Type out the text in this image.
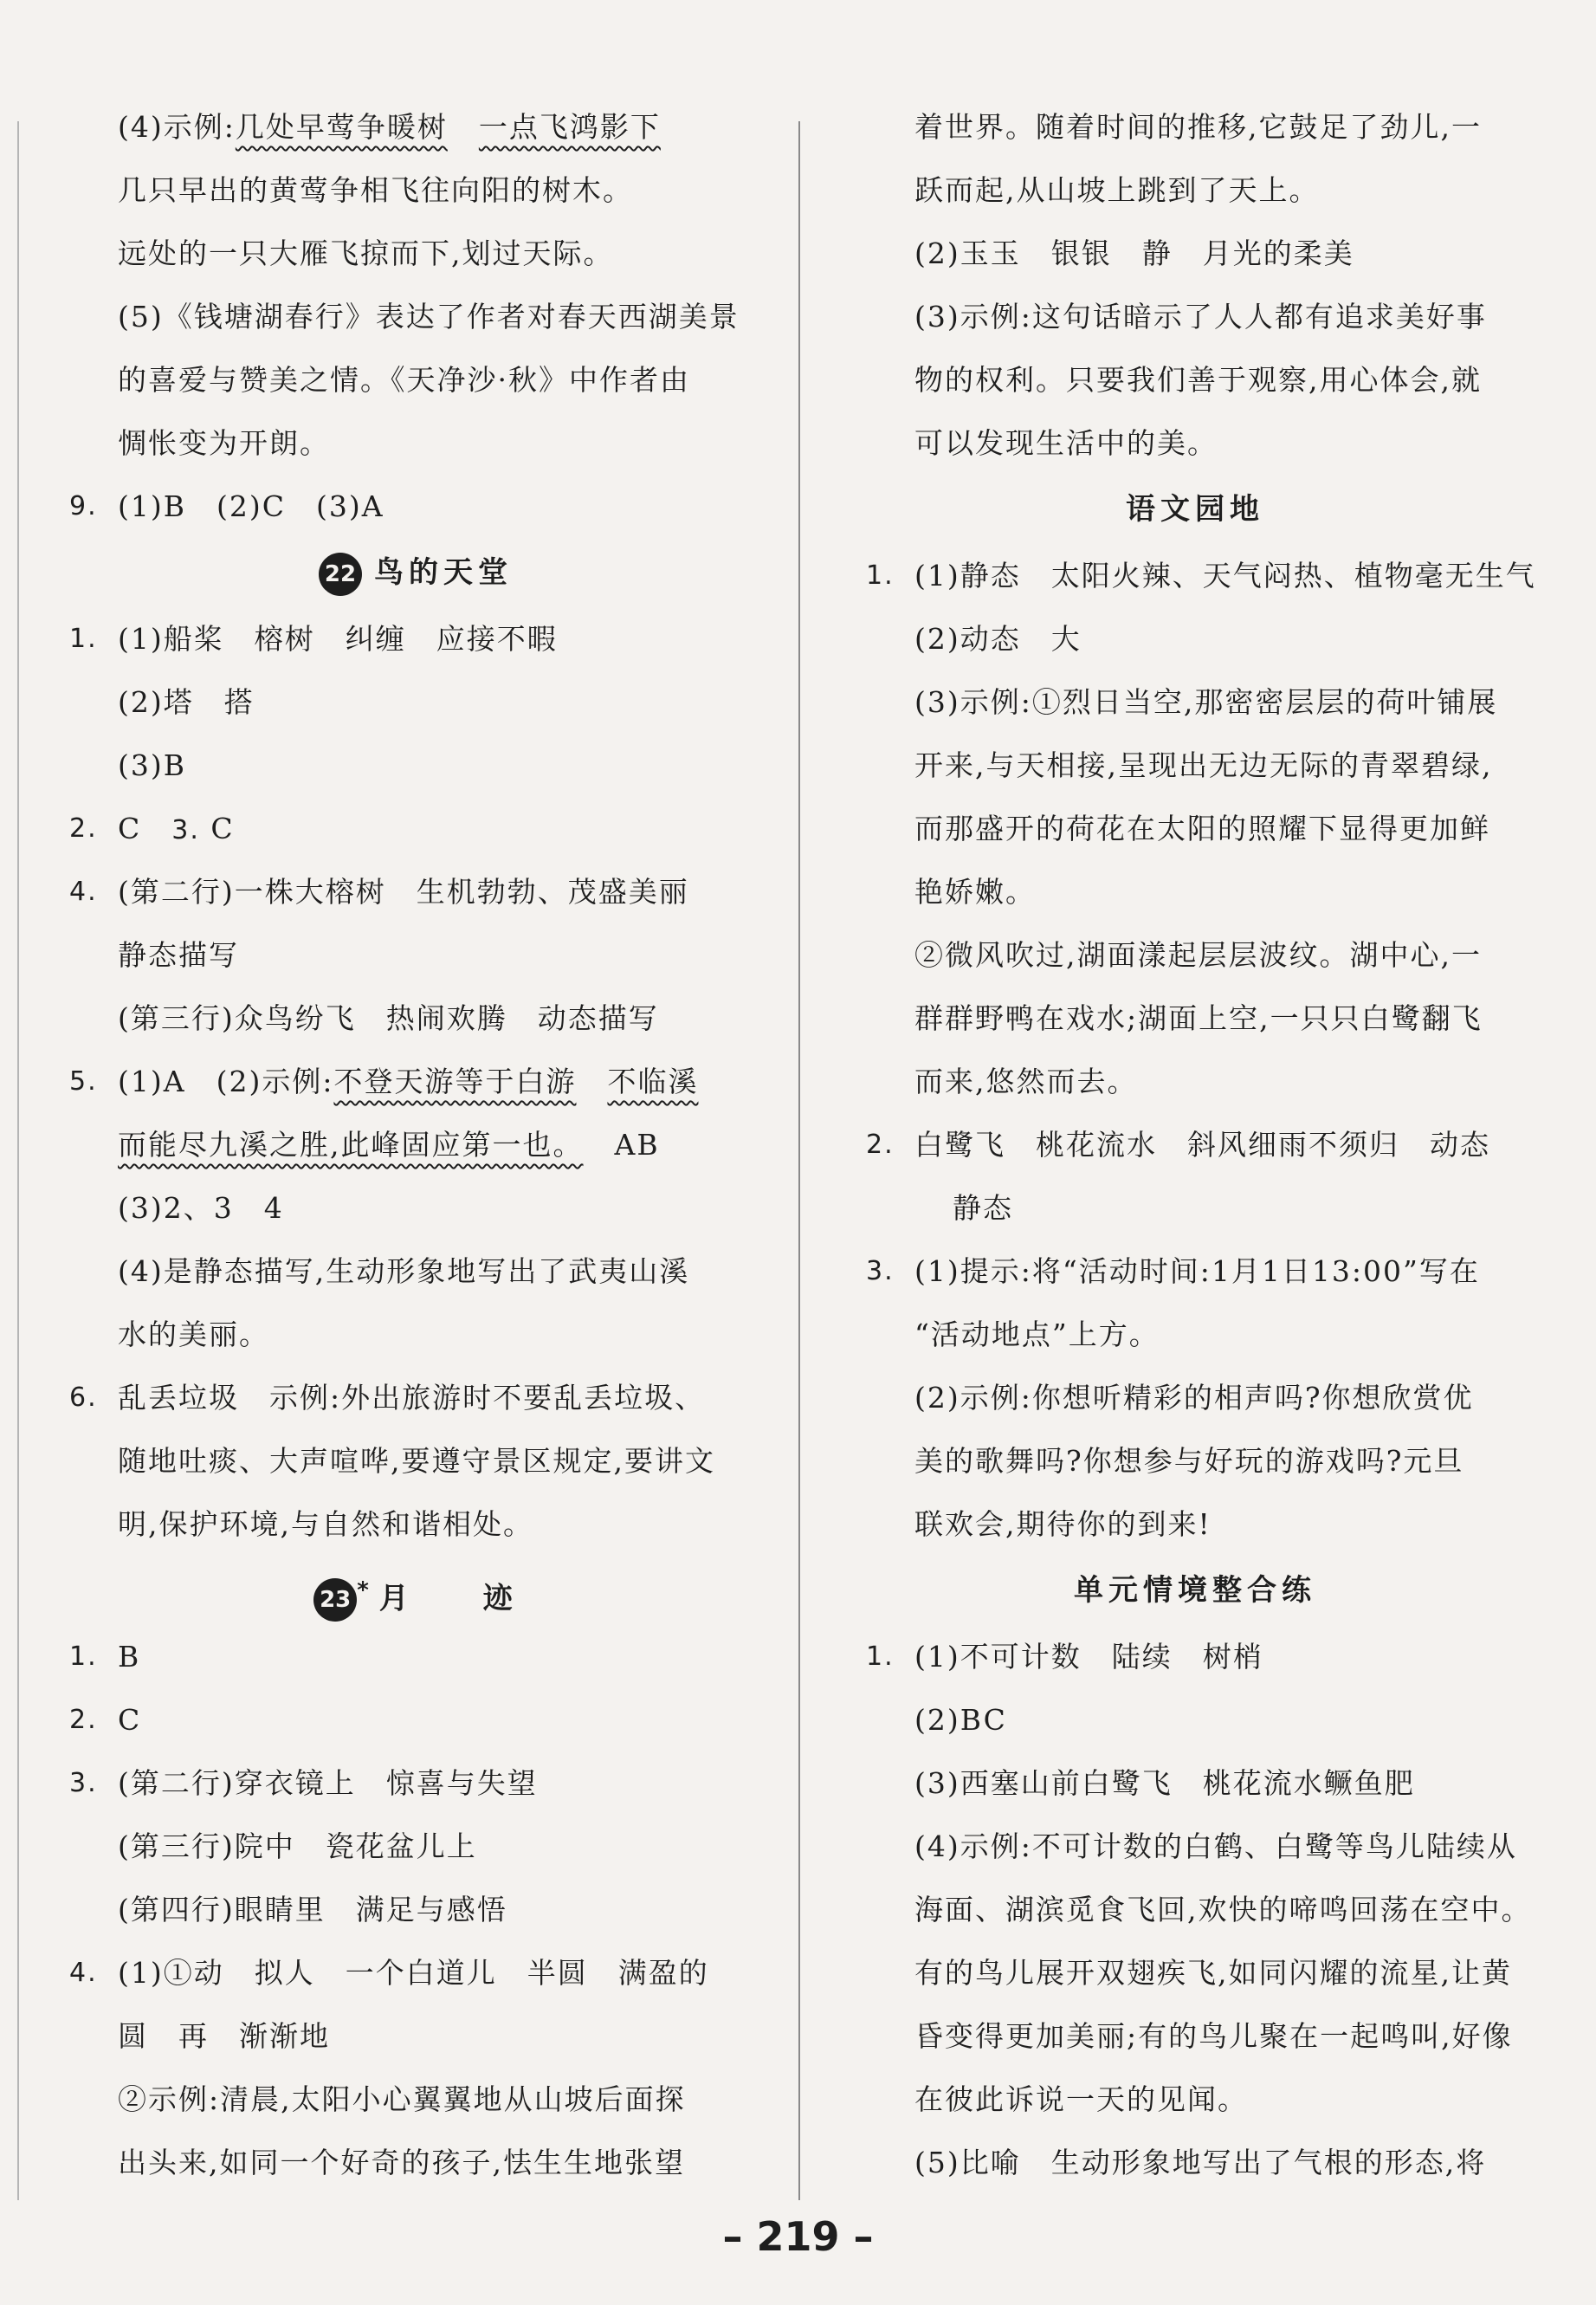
(4)示例:几处早莺争暖树 一点飞鸿影下
几只早出的黄莺争相飞往向阳的树木。
远处的一只大雁飞掠而下,划过天际。
(5)《钱塘湖春行》表达了作者对春天西湖美景
的喜爱与赞美之情。《天净沙·秋》中作者由
惆怅变为开朗。
9. (1)B　(2)C　(3)A
22 鸟的天堂
1. (1)船桨　榕树　纠缠　应接不暇
(2)塔　搭
(3)B
2. C　3. C
4. (第二行)一株大榕树　生机勃勃、茂盛美丽
静态描写
(第三行)众鸟纷飞　热闹欢腾　动态描写
5. (1)A　(2)示例:不登天游等于白游 不临溪
而能尽九溪之胜,此峰固应第一也。 AB
(3)2、3　4
(4)是静态描写,生动形象地写出了武夷山溪
水的美丽。
6. 乱丢垃圾　示例:外出旅游时不要乱丢垃圾、
随地吐痰、大声喧哗,要遵守景区规定,要讲文
明,保护环境,与自然和谐相处。
23 * 月　　迹
1. B
2. C
3. (第二行)穿衣镜上　惊喜与失望
(第三行)院中　瓷花盆儿上
(第四行)眼睛里　满足与感悟
4. (1)①动　拟人　一个白道儿　半圆　满盈的
圆　再　渐渐地
②示例:清晨,太阳小心翼翼地从山坡后面探
出头来,如同一个好奇的孩子,怯生生地张望
着世界。随着时间的推移,它鼓足了劲儿,一
跃而起,从山坡上跳到了天上。
(2)玉玉　银银　静　月光的柔美
(3)示例:这句话暗示了人人都有追求美好事
物的权利。只要我们善于观察,用心体会,就
可以发现生活中的美。
语文园地
1. (1)静态　太阳火辣、天气闷热、植物毫无生气
(2)动态　大
(3)示例:①烈日当空,那密密层层的荷叶铺展
开来,与天相接,呈现出无边无际的青翠碧绿,
而那盛开的荷花在太阳的照耀下显得更加鲜
艳娇嫩。
②微风吹过,湖面漾起层层波纹。湖中心,一
群群野鸭在戏水;湖面上空,一只只白鹭翻飞
而来,悠然而去。
2. 白鹭飞　桃花流水　斜风细雨不须归　动态
静态
3. (1)提示:将“活动时间:1月1日13:00”写在
“活动地点”上方。
(2)示例:你想听精彩的相声吗?你想欣赏优
美的歌舞吗?你想参与好玩的游戏吗?元旦
联欢会,期待你的到来!
单元情境整合练
1. (1)不可计数　陆续　树梢
(2)BC
(3)西塞山前白鹭飞　桃花流水鳜鱼肥
(4)示例:不可计数的白鹤、白鹭等鸟儿陆续从
海面、湖滨觅食飞回,欢快的啼鸣回荡在空中。
有的鸟儿展开双翅疾飞,如同闪耀的流星,让黄
昏变得更加美丽;有的鸟儿聚在一起鸣叫,好像
在彼此诉说一天的见闻。
(5)比喻　生动形象地写出了气根的形态,将
– 219 –
